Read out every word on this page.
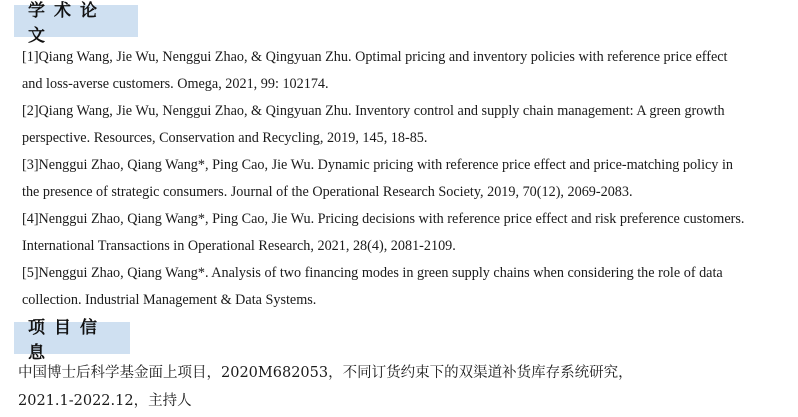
学术论文
[1]Qiang Wang, Jie Wu, Nenggui Zhao, & Qingyuan Zhu. Optimal pricing and inventory policies with reference price effect
and loss-averse customers. Omega, 2021, 99: 102174.
[2]Qiang Wang, Jie Wu, Nenggui Zhao, & Qingyuan Zhu. Inventory control and supply chain management: A green growth
perspective. Resources, Conservation and Recycling, 2019, 145, 18-85.
[3]Nenggui Zhao, Qiang Wang*, Ping Cao, Jie Wu. Dynamic pricing with reference price effect and price-matching policy in
the presence of strategic consumers. Journal of the Operational Research Society, 2019, 70(12), 2069-2083.
[4]Nenggui Zhao, Qiang Wang*, Ping Cao, Jie Wu. Pricing decisions with reference price effect and risk preference customers.
International Transactions in Operational Research, 2021, 28(4), 2081-2109.
[5]Nenggui Zhao, Qiang Wang*. Analysis of two financing modes in green supply chains when considering the role of data
collection. Industrial Management & Data Systems.
项目信息
中国博士后科学基金面上项目，2020M682053，不同订货约束下的双渠道补货库存系统研究，
2021.1-2022.12，主持人
